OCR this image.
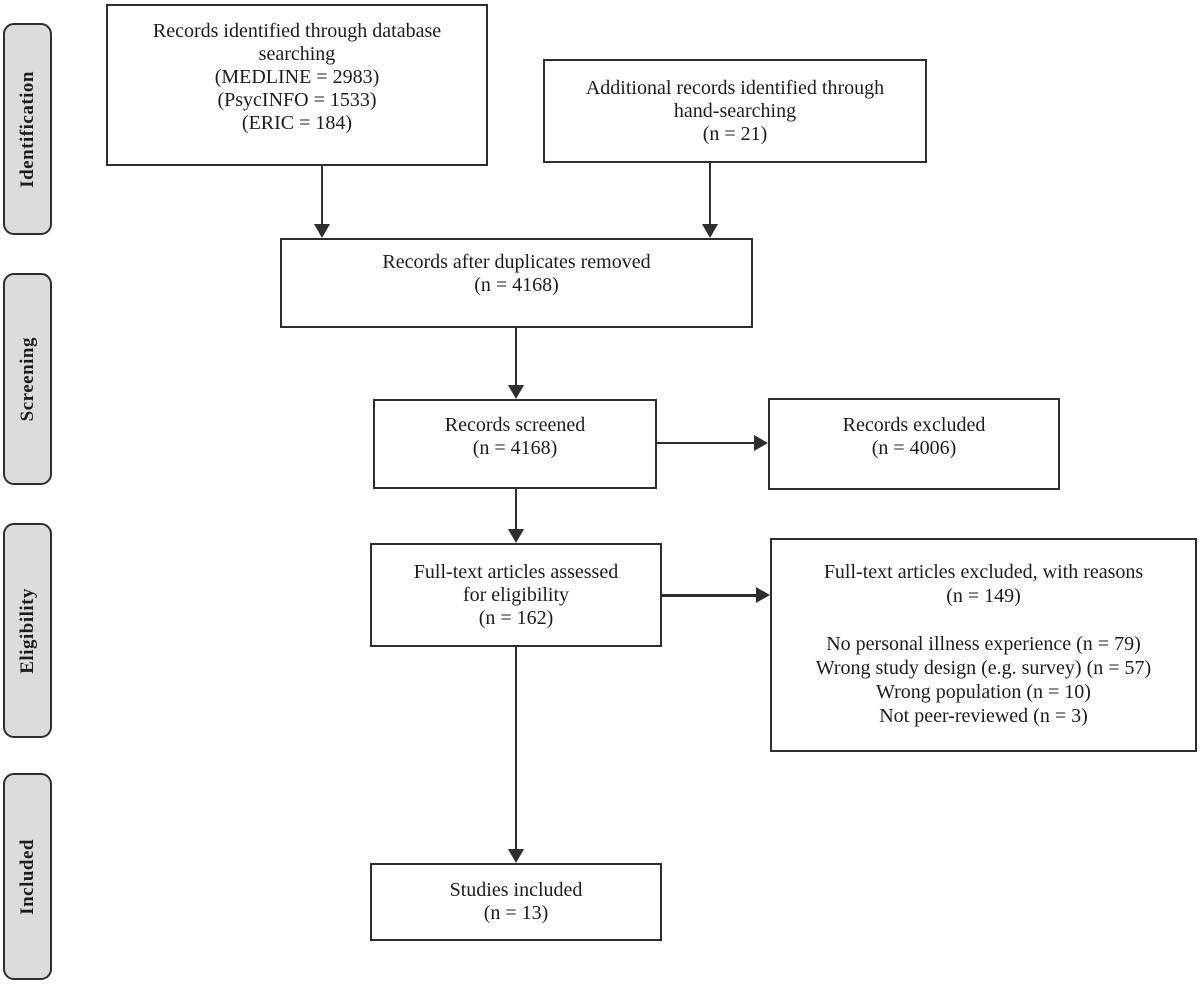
Identification
Screening
Eligibility
Included
Records identified through database
searching
(MEDLINE = 2983)
(PsycINFO = 1533)
(ERIC = 184)
Additional records identified through
hand-searching
(n = 21)
Records after duplicates removed
(n = 4168)
Records screened
(n = 4168)
Records excluded
(n = 4006)
Full-text articles assessed
for eligibility
(n = 162)
Full-text articles excluded, with reasons
(n = 149)
No personal illness experience (n = 79)
Wrong study design (e.g. survey) (n = 57)
Wrong population (n = 10)
Not peer-reviewed (n = 3)
Studies included
(n = 13)
